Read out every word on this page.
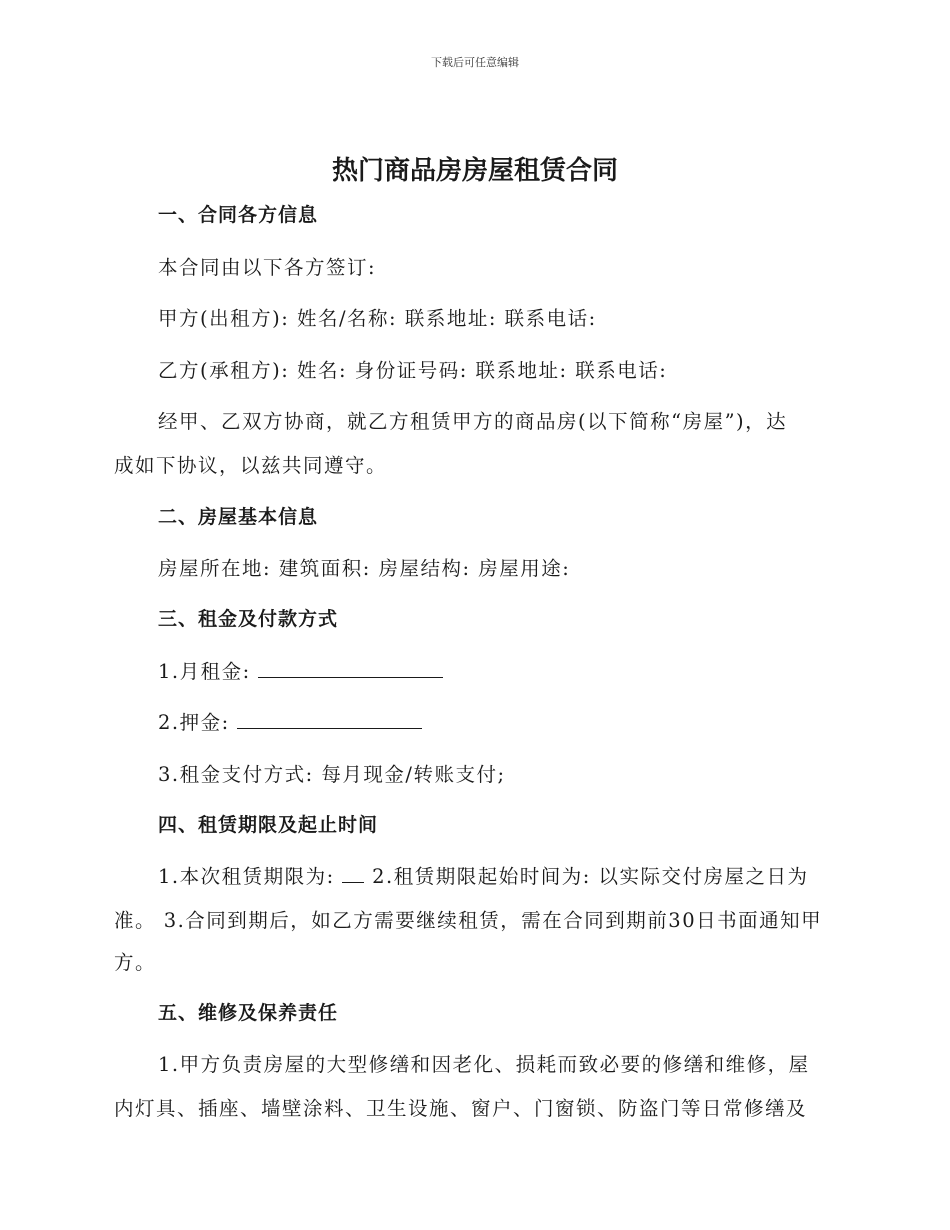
下载后可任意编辑
热门商品房房屋租赁合同
一、合同各方信息
本合同由以下各方签订:
甲方(出租方): 姓名/名称: 联系地址: 联系电话:
乙方(承租方): 姓名: 身份证号码: 联系地址: 联系电话:
经甲、乙双方协商，就乙方租赁甲方的商品房(以下简称“房屋”)，达
成如下协议，以兹共同遵守。
二、房屋基本信息
房屋所在地: 建筑面积: 房屋结构: 房屋用途:
三、租金及付款方式
1.月租金:
2.押金:
3.租金支付方式: 每月现金/转账支付;
四、租赁期限及起止时间
1.本次租赁期限为: 2.租赁期限起始时间为: 以实际交付房屋之日为
准。 3.合同到期后，如乙方需要继续租赁，需在合同到期前30日书面通知甲
方。
五、维修及保养责任
1.甲方负责房屋的大型修缮和因老化、损耗而致必要的修缮和维修，屋
内灯具、插座、墙壁涂料、卫生设施、窗户、门窗锁、防盗门等日常修缮及
